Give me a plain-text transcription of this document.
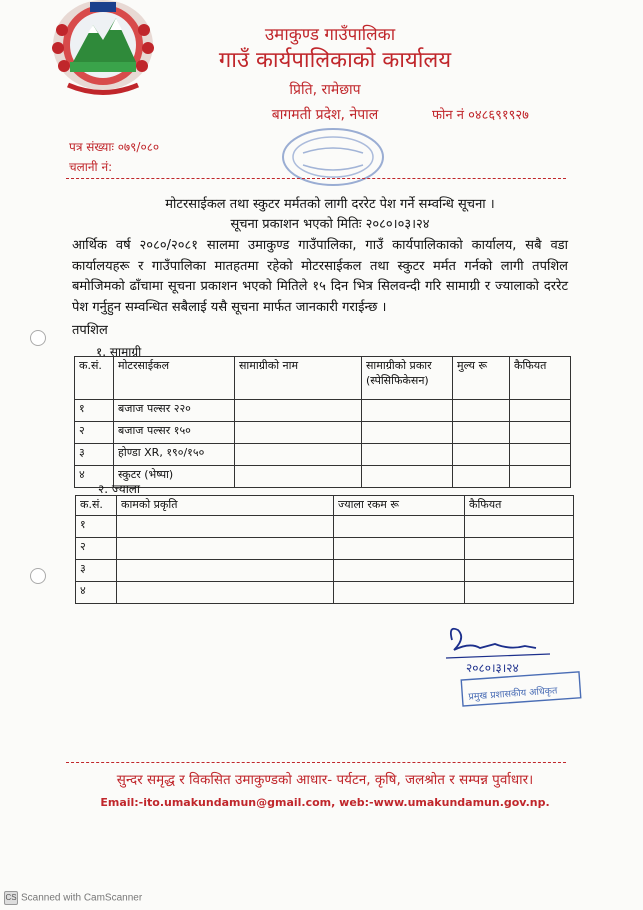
उमाकुण्ड गाउँपालिका
गाउँ कार्यपालिकाको कार्यालय
प्रिति, रामेछाप
बागमती प्रदेश, नेपाल	फोन नं ०४८६९१९२७
पत्र संख्याः ०७९/०८०
चलानी नं:
मोटरसाईकल तथा स्कुटर मर्मतको लागी दररेट पेश गर्ने सम्वन्धि सूचना ।
सूचना प्रकाशन भएको मितिः २०८०।०३।२४
आर्थिक वर्ष २०८०/२०८१ सालमा उमाकुण्ड गाउँपालिका, गाउँ कार्यपालिकाको कार्यालय, सबै वडा कार्यालयहरू र गाउँपालिका मातहतमा रहेको मोटरसाईकल तथा स्कुटर मर्मत गर्नको लागी तपशिल बमोजिमको ढाँचामा सूचना प्रकाशन भएको मितिले १५ दिन भित्र सिलवन्दी गरि सामाग्री र ज्यालाको दररेट पेश गर्नुहुन सम्वन्धित सबैलाई यसै सूचना मार्फत जानकारी गराईन्छ ।
तपशिल
१. सामाग्री
क.सं.	मोटरसाईकल	सामाग्रीको नाम	सामाग्रीको प्रकार (स्पेसिफिकेसन)	मुल्य रू	कैफियत
१	बजाज पल्सर २२०				
२	बजाज पल्सर १५०				
३	होण्डा XR, १९०/१५०				
४	स्कुटर (भेष्पा)				
२. ज्याला
क.सं.	कामको प्रकृति	ज्याला रकम रू	कैफियत
१			
२			
३			
४			
२०८०।३।२४
प्रमुख प्रशासकीय अधिकृत
सुन्दर समृद्ध र विकसित उमाकुण्डको आधार- पर्यटन, कृषि, जलश्रोत र सम्पन्न पुर्वाधार।
Email:-ito.umakundamun@gmail.com, web:-www.umakundamun.gov.np.
CS Scanned with CamScanner
